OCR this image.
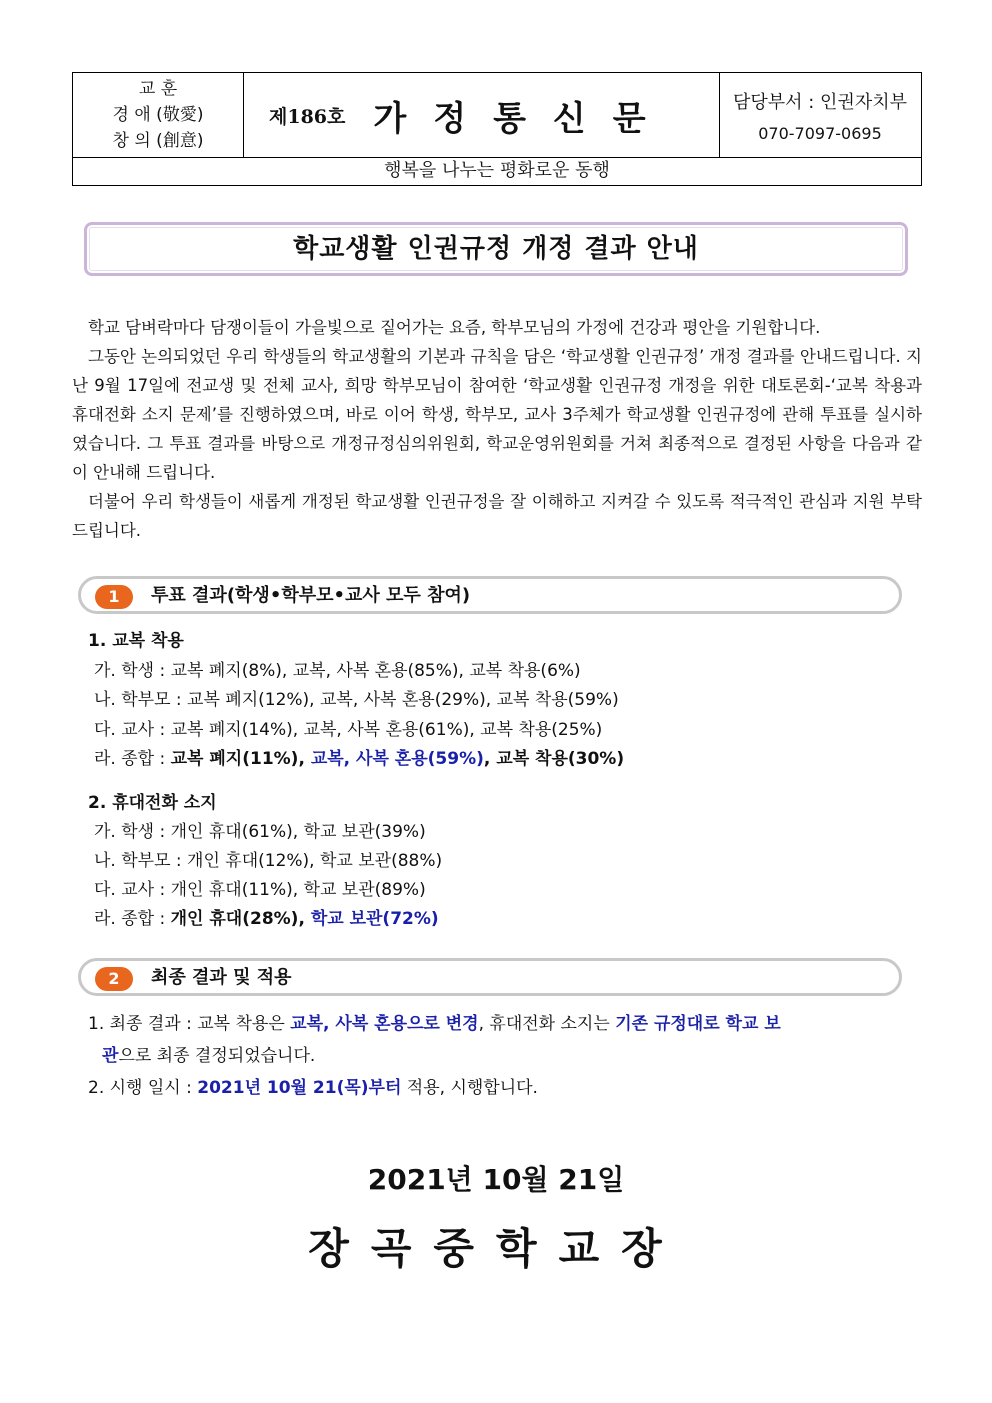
교 훈
경 애 (敬愛)
창 의 (創意)
제186호 가정통신문	담당부서 : 인권자치부
070-7097-0695
행복을 나누는 평화로운 동행
학교생활 인권규정 개정 결과 안내

학교 담벼락마다 담쟁이들이 가을빛으로 짙어가는 요즘, 학부모님의 가정에 건강과 평안을 기원합니다.

그동안 논의되었던 우리 학생들의 학교생활의 기본과 규칙을 담은 ‘학교생활 인권규정’ 개정 결과를 안내드립니다. 지난 9월 17일에 전교생 및 전체 교사, 희망 학부모님이 참여한 ‘학교생활 인권규정 개정을 위한 대토론회-‘교복 착용과 휴대전화 소지 문제’를 진행하였으며, 바로 이어 학생, 학부모, 교사 3주체가 학교생활 인권규정에 관해 투표를 실시하였습니다. 그 투표 결과를 바탕으로 개정규정심의위원회, 학교운영위원회를 거쳐 최종적으로 결정된 사항을 다음과 같이 안내해 드립니다.

더불어 우리 학생들이 새롭게 개정된 학교생활 인권규정을 잘 이해하고 지켜갈 수 있도록 적극적인 관심과 지원 부탁드립니다.

1	투표 결과(학생•학부모•교사 모두 참여)
1. 교복 착용
가. 학생 : 교복 폐지(8%), 교복, 사복 혼용(85%), 교복 착용(6%)
나. 학부모 : 교복 폐지(12%), 교복, 사복 혼용(29%), 교복 착용(59%)
다. 교사 : 교복 폐지(14%), 교복, 사복 혼용(61%), 교복 착용(25%)
라. 종합 : 교복 폐지(11%), 교복, 사복 혼용(59%), 교복 착용(30%)
2. 휴대전화 소지
가. 학생 : 개인 휴대(61%), 학교 보관(39%)
나. 학부모 : 개인 휴대(12%), 학교 보관(88%)
다. 교사 : 개인 휴대(11%), 학교 보관(89%)
라. 종합 : 개인 휴대(28%), 학교 보관(72%)
2	최종 결과 및 적용
1. 최종 결과 : 교복 착용은 교복, 사복 혼용으로 변경, 휴대전화 소지는 기존 규정대로 학교 보
관으로 최종 결정되었습니다.
2. 시행 일시 : 2021년 10월 21(목)부터 적용, 시행합니다.
2021년 10월 21일
장곡중학교장
